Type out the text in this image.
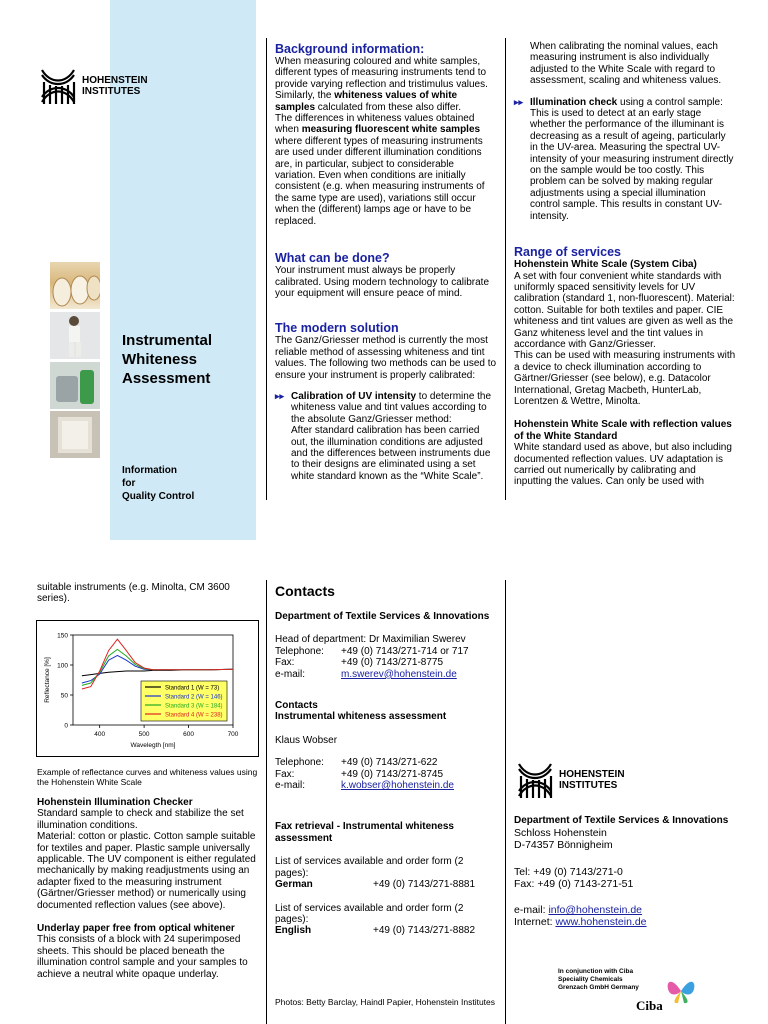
HOHENSTEIN
INSTITUTES
Instrumental
Whiteness
Assessment
Information
for
Quality Control
Background information:

When measuring coloured and white samples, different types of measuring instruments tend to provide varying reflection and tristimulus values. Similarly, the whiteness values of white samples calculated from these also differ.

The differences in whiteness values obtained when measuring fluorescent white samples where different types of measuring instruments are used under different illumination conditions are, in particular, subject to considerable variation. Even when conditions are initially consistent (e.g. when measuring instruments of the same type are used), variations still occur when the (different) lamps age or have to be replaced.

What can be done?

Your instrument must always be properly calibrated. Using modern technology to calibrate your equipment will ensure peace of mind.

The modern solution

The Ganz/Griesser method is currently the most reliable method of assessing whiteness and tint values. The following two methods can be used to ensure your instrument is properly calibrated:

▸▸ Calibration of UV intensity to determine the whiteness value and tint values according to the absolute Ganz/Griesser method:

After standard calibration has been carried out, the illumination conditions are adjusted and the differences between instruments due to their designs are eliminated using a set white standard known as the “White Scale”.

When calibrating the nominal values, each measuring instrument is also individually adjusted to the White Scale with regard to assessment, scaling and whiteness values.

▸▸ Illumination check using a control sample: This is used to detect at an early stage whether the performance of the illuminant is decreasing as a result of ageing, particularly in the UV-area. Measuring the spectral UV-intensity of your measuring instrument directly on the sample would be too costly. This problem can be solved by making regular adjustments using a special illumination control sample. This results in constant UV-intensity.

Range of services

Hohenstein White Scale (System Ciba)

A set with four convenient white standards with uniformly spaced sensitivity levels for UV calibration (standard 1, non-fluorescent). Material: cotton. Suitable for both textiles and paper. CIE whiteness and tint values are given as well as the Ganz whiteness level and the tint values in accordance with Ganz/Griesser.

This can be used with measuring instruments with a device to check illumination according to Gärtner/Griesser (see below), e.g. Datacolor International, Gretag Macbeth, HunterLab, Lorentzen & Wettre, Minolta.

Hohenstein White Scale with reflection values of the White Standard

White standard used as above, but also including documented reflection values. UV adaptation is carried out numerically by calibrating and inputting the values. Can only be used with

suitable instruments (e.g. Minolta, CM 3600 series).

0
50
100
150
400	500	600	700
Wavelegth [nm]
Reflectance [%]	Standard 1 (W = 73)
Standard 2 (W = 146)
Standard 3 (W = 184)
Standard 4 (W = 238)
Example of reflectance curves and whiteness values using the Hohenstein White Scale

Hohenstein Illumination Checker

Standard sample to check and stabilize the set illumination conditions.

Material: cotton or plastic. Cotton sample suitable for textiles and paper. Plastic sample universally applicable. The UV component is either regulated mechanically by making readjustments using an adapter fixed to the measuring instrument (Gärtner/Griesser method) or numerically using documented reflection values (see above).

Underlay paper free from optical whitener

This consists of a block with 24 superimposed sheets. This should be placed beneath the illumination control sample and your samples to achieve a neutral white opaque underlay.

Contacts

Department of Textile Services & Innovations

Head of department: Dr Maximilian Swerev

Telephone:	+49 (0) 7143/271-714 or 717
Fax:	+49 (0) 7143/271-8775
e-mail:	m.swerev@hohenstein.de

Contacts

Instrumental whiteness assessment

Klaus Wobser

Telephone:	+49 (0) 7143/271-622
Fax:	+49 (0) 7143/271-8745
e-mail:	k.wobser@hohenstein.de

Fax retrieval - Instrumental whiteness assessment

List of services available and order form (2 pages):

German	+49 (0) 7143/271-8881

List of services available and order form (2 pages):

English	+49 (0) 7143/271-8882
Photos: Betty Barclay, Haindl Papier, Hohenstein Institutes
HOHENSTEIN
INSTITUTES

Department of Textile Services & Innovations

Schloss Hohenstein

D-74357 Bönnigheim

Tel: +49 (0) 7143/271-0

Fax: +49 (0) 7143-271-51

e-mail: info@hohenstein.de

Internet: www.hohenstein.de

In conjunction with Ciba
Speciality Chemicals
Grenzach GmbH Germany
Ciba
